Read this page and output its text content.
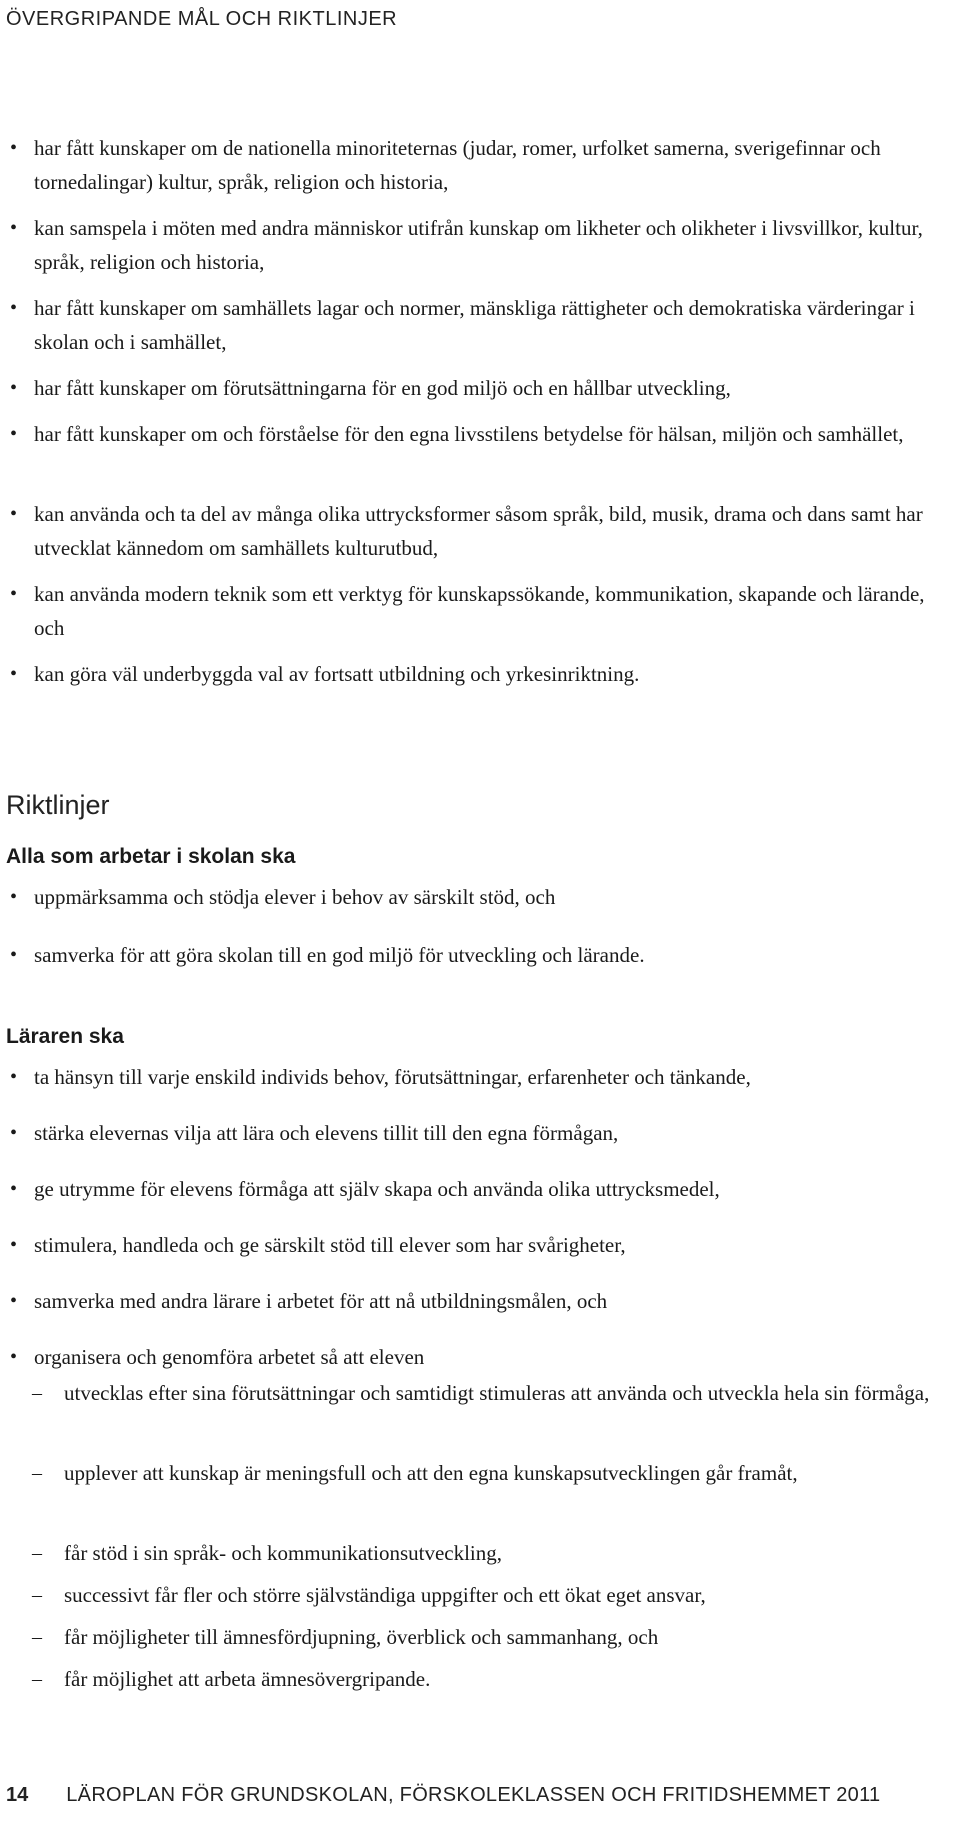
ÖVERGRIPANDE MÅL OCH RIKTLINJER
• har fått kunskaper om de nationella minoriteternas (judar, romer, urfolket samerna, sverigefinnar och tornedalingar) kultur, språk, religion och historia,
• kan samspela i möten med andra människor utifrån kunskap om likheter och olikheter i livsvillkor, kultur, språk, religion och historia,
• har fått kunskaper om samhällets lagar och normer, mänskliga rättigheter och demokratiska värderingar i skolan och i samhället,
• har fått kunskaper om förutsättningarna för en god miljö och en hållbar utveckling,
• har fått kunskaper om och förståelse för den egna livsstilens betydelse för hälsan, miljön och samhället,
• kan använda och ta del av många olika uttrycksformer såsom språk, bild, musik, drama och dans samt har utvecklat kännedom om samhällets kulturutbud,
• kan använda modern teknik som ett verktyg för kunskapssökande, kommunikation, skapande och lärande, och
• kan göra väl underbyggda val av fortsatt utbildning och yrkesinriktning.
Riktlinjer
Alla som arbetar i skolan ska
• uppmärksamma och stödja elever i behov av särskilt stöd, och
• samverka för att göra skolan till en god miljö för utveckling och lärande.
Läraren ska
• ta hänsyn till varje enskild individs behov, förutsättningar, erfarenheter och tänkande,
• stärka elevernas vilja att lära och elevens tillit till den egna förmågan,
• ge utrymme för elevens förmåga att själv skapa och använda olika uttrycksmedel,
• stimulera, handleda och ge särskilt stöd till elever som har svårigheter,
• samverka med andra lärare i arbetet för att nå utbildningsmålen, och
• organisera och genomföra arbetet så att eleven
– utvecklas efter sina förutsättningar och samtidigt stimuleras att använda och utveckla hela sin förmåga,
– upplever att kunskap är meningsfull och att den egna kunskapsutvecklingen går framåt,
– får stöd i sin språk- och kommunikationsutveckling,
– successivt får fler och större självständiga uppgifter och ett ökat eget ansvar,
– får möjligheter till ämnesfördjupning, överblick och sammanhang, och
– får möjlighet att arbeta ämnesövergripande.
14 LÄROPLAN FÖR GRUNDSKOLAN, FÖRSKOLEKLASSEN OCH FRITIDSHEMMET 2011
